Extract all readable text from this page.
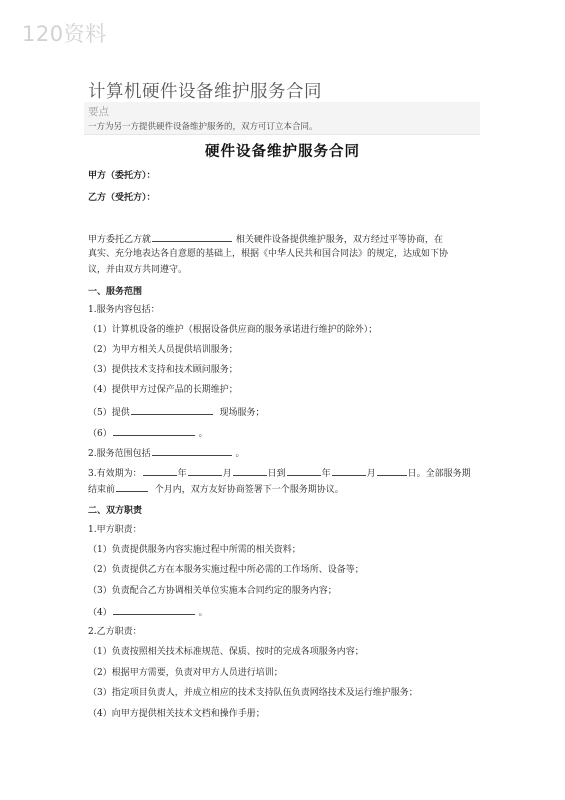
120资料
计算机硬件设备维护服务合同
要点
一方为另一方提供硬件设备维护服务的，双方可订立本合同。
硬件设备维护服务合同
甲方（委托方）：
乙方（受托方）：
甲方委托乙方就	相关硬件设备提供维护服务，双方经过平等协商，在
真实、充分地表达各自意愿的基础上，根据《中华人民共和国合同法》的规定，达成如下协
议，并由双方共同遵守。
一、服务范围
1.服务内容包括：
（1）计算机设备的维护（根据设备供应商的服务承诺进行维护的除外）；
（2）为甲方相关人员提供培训服务；
（3）提供技术支持和技术顾问服务；
（4）提供甲方过保产品的长期维护；
（5）提供	现场服务；
（6）	。
2.服务范围包括	。
3.有效期为：	年	月	日到	年	月	日。全部服务期
结束前	个月内，双方友好协商签署下一个服务期协议。
二、双方职责
1.甲方职责：
（1）负责提供服务内容实施过程中所需的相关资料；
（2）负责提供乙方在本服务实施过程中所必需的工作场所、设备等；
（3）负责配合乙方协调相关单位实施本合同约定的服务内容；
（4）	。
2.乙方职责：
（1）负责按照相关技术标准规范、保质、按时的完成各项服务内容；
（2）根据甲方需要，负责对甲方人员进行培训；
（3）指定项目负责人，并成立相应的技术支持队伍负责网络技术及运行维护服务；
（4）向甲方提供相关技术文档和操作手册；
